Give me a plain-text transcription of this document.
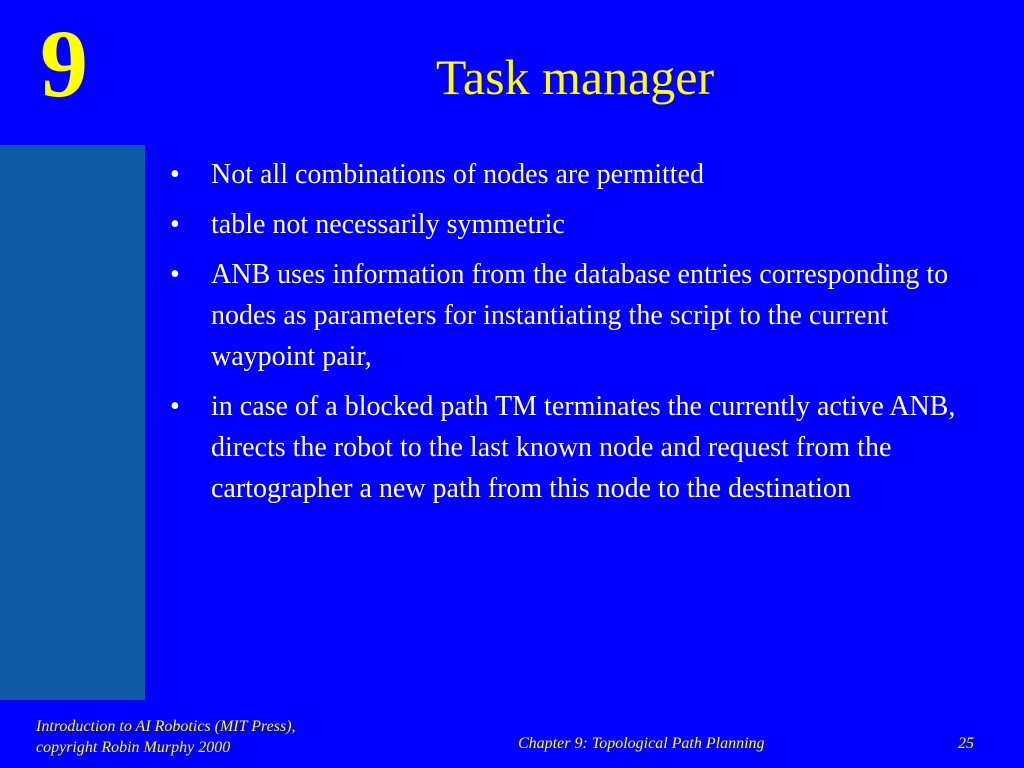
9	Task manager
• Not all combinations of nodes are permitted
• table not necessarily symmetric
• ANB uses information from the database entries corresponding to nodes as parameters for instantiating the script to the current waypoint pair,
• in case of a blocked path TM terminates the currently active ANB, directs the robot to the last known node and request from the cartographer a new path from this node to the destination
Introduction to AI Robotics (MIT Press),
copyright Robin Murphy 2000	Chapter 9: Topological Path Planning	25
